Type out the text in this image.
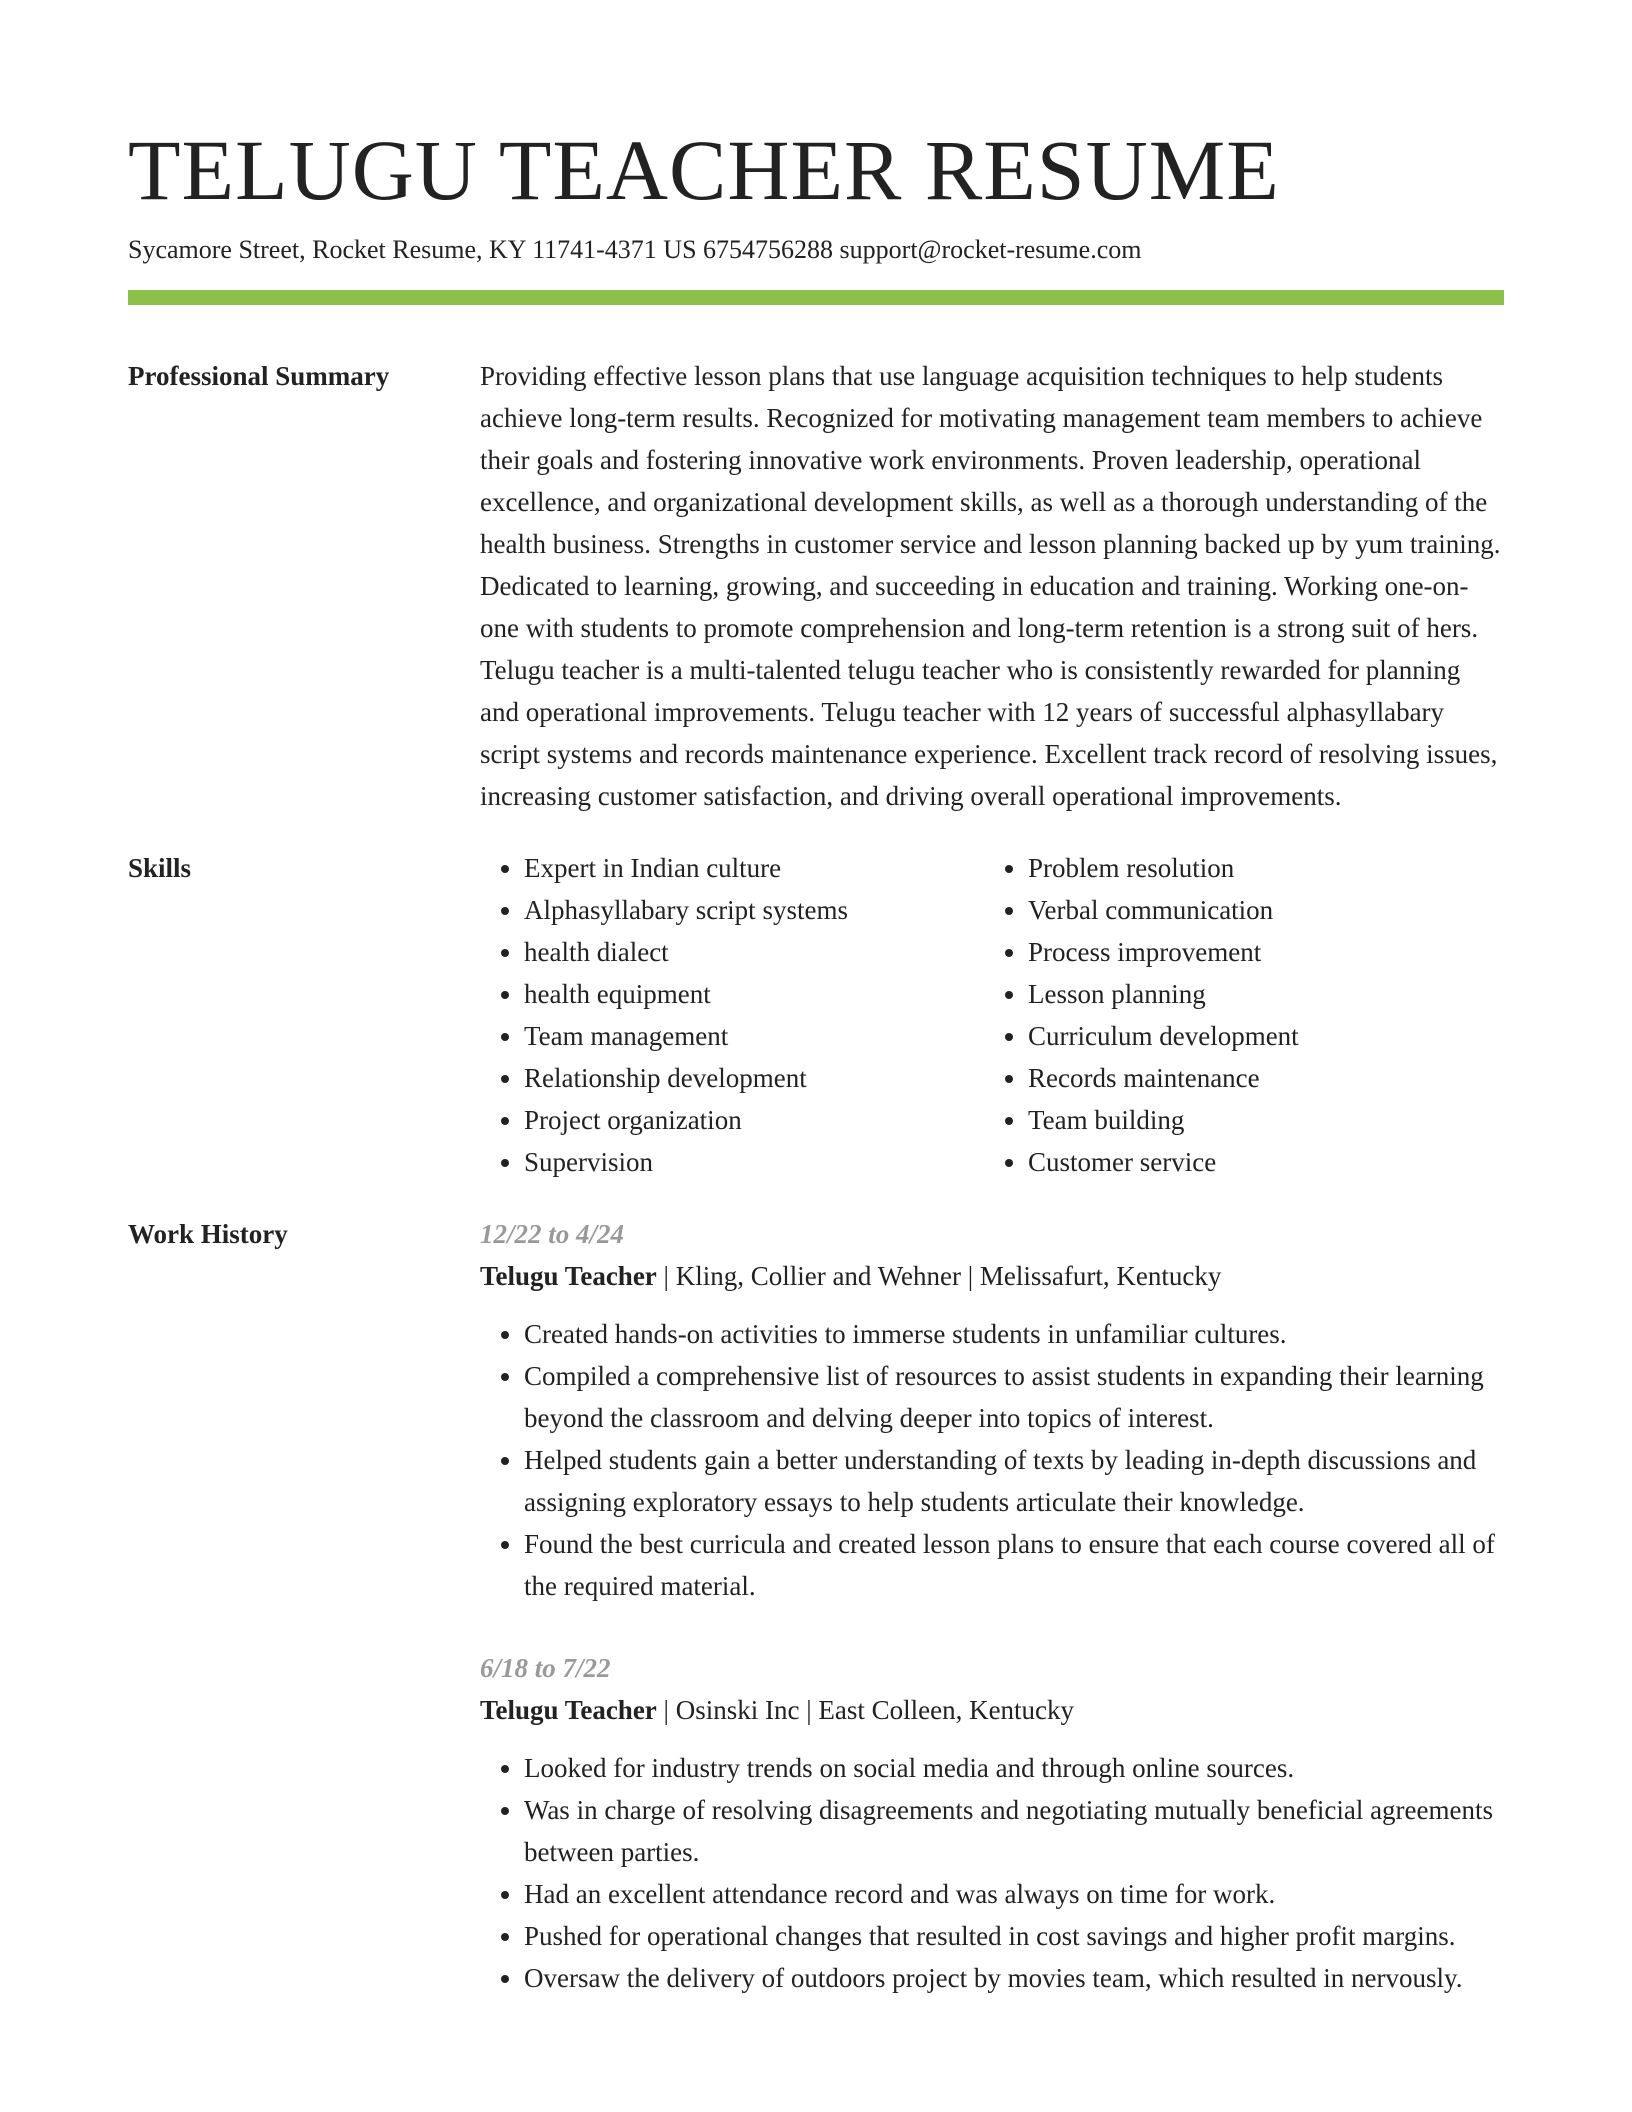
TELUGU TEACHER RESUME
Sycamore Street, Rocket Resume, KY 11741-4371 US 6754756288 support@rocket-resume.com
Professional Summary	Providing effective lesson plans that use language acquisition techniques to help students achieve long-term results. Recognized for motivating management team members to achieve their goals and fostering innovative work environments. Proven leadership, operational excellence, and organizational development skills, as well as a thorough understanding of the health business. Strengths in customer service and lesson planning backed up by yum training. Dedicated to learning, growing, and succeeding in education and training. Working one-on-one with students to promote comprehension and long-term retention is a strong suit of hers. Telugu teacher is a multi-talented telugu teacher who is consistently rewarded for planning and operational improvements. Telugu teacher with 12 years of successful alphasyllabary script systems and records maintenance experience. Excellent track record of resolving issues, increasing customer satisfaction, and driving overall operational improvements.

Skills	• Expert in Indian culture
• Alphasyllabary script systems
• health dialect
• health equipment
• Team management
• Relationship development
• Project organization
• Supervision
• Problem resolution
• Verbal communication
• Process improvement
• Lesson planning
• Curriculum development
• Records maintenance
• Team building
• Customer service
Work History	12/22 to 4/24
Telugu Teacher | Kling, Collier and Wehner | Melissafurt, Kentucky
• Created hands-on activities to immerse students in unfamiliar cultures.
• Compiled a comprehensive list of resources to assist students in expanding their learning beyond the classroom and delving deeper into topics of interest.
• Helped students gain a better understanding of texts by leading in-depth discussions and assigning exploratory essays to help students articulate their knowledge.
• Found the best curricula and created lesson plans to ensure that each course covered all of the required material.
6/18 to 7/22
Telugu Teacher | Osinski Inc | East Colleen, Kentucky
• Looked for industry trends on social media and through online sources.
• Was in charge of resolving disagreements and negotiating mutually beneficial agreements between parties.
• Had an excellent attendance record and was always on time for work.
• Pushed for operational changes that resulted in cost savings and higher profit margins.
• Oversaw the delivery of outdoors project by movies team, which resulted in nervously.
